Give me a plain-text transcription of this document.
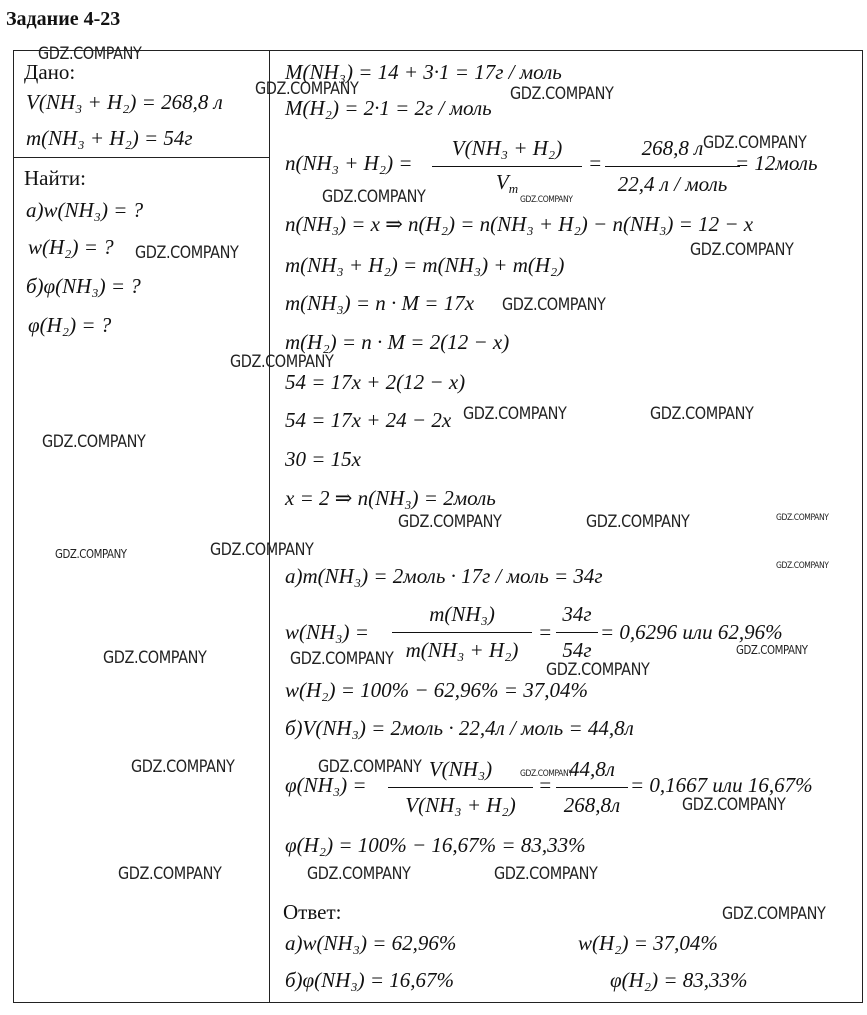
Задание 4-23
Дано:
V(NH₃ + H₂) = 268,8 л
m(NH₃ + H₂) = 54г
Найти:
а)w(NH₃) = ?
w(H₂) = ?
б)φ(NH₃) = ?
φ(H₂) = ?
M(NH₃) = 14 + 3·1 = 17г / моль
M(H₂) = 2·1 = 2г / моль
n(NH₃ + H₂) =
V(NH₃ + H₂)
$V_m$
=
268,8 л
22,4 л / моль
= 12моль
n(NH₃) = x ⇒ n(H₂) = n(NH₃ + H₂) − n(NH₃) = 12 − x
m(NH₃ + H₂) = m(NH₃) + m(H₂)
m(NH₃) = n · M = 17x
m(H₂) = n · M = 2(12 − x)
54 = 17x + 2(12 − x)
54 = 17x + 24 − 2x
30 = 15x
x = 2 ⇒ n(NH₃) = 2моль
а)m(NH₃) = 2моль · 17г / моль = 34г
w(NH₃) =
m(NH₃)
m(NH₃ + H₂)
=
34г
54г
= 0,6296 или 62,96%
w(H₂) = 100% − 62,96% = 37,04%
б)V(NH₃) = 2моль · 22,4л / моль = 44,8л
φ(NH₃) =
V(NH₃)
V(NH₃ + H₂)
=
44,8л
268,8л
= 0,1667 или 16,67%
φ(H₂) = 100% − 16,67% = 83,33%
Ответ:
а)w(NH₃) = 62,96%	w(H₂) = 37,04%
б)φ(NH₃) = 16,67%	φ(H₂) = 83,33%
GDZ.COMPANY
GDZ.COMPANY	GDZ.COMPANY
GDZ.COMPANY
GDZ.COMPANY	GDZ.COMPANY
GDZ.COMPANY
GDZ.COMPANY
GDZ.COMPANY
GDZ.COMPANY
GDZ.COMPANY	GDZ.COMPANY
GDZ.COMPANY
GDZ.COMPANY	GDZ.COMPANY	GDZ.COMPANY
GDZ.COMPANY	GDZ.COMPANY
GDZ.COMPANY
GDZ.COMPANY	GDZ.COMPANY
GDZ.COMPANY
GDZ.COMPANY
GDZ.COMPANY
GDZ.COMPANY	GDZ.COMPANY
GDZ.COMPANY
GDZ.COMPANY	GDZ.COMPANY	GDZ.COMPANY
GDZ.COMPANY
